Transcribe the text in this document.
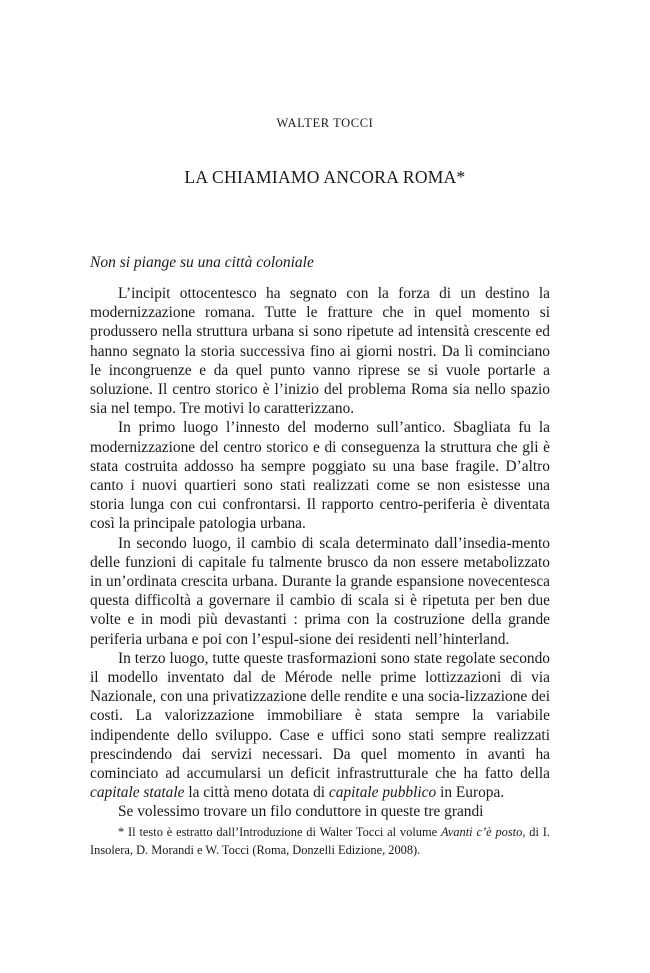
WALTER TOCCI
LA CHIAMIAMO ANCORA ROMA*
Non si piange su una città coloniale

L’incipit ottocentesco ha segnato con la forza di un destino la modernizzazione romana. Tutte le fratture che in quel momento si produssero nella struttura urbana si sono ripetute ad intensità crescente ed hanno segnato la storia successiva fino ai giorni nostri. Da lì cominciano le incongruenze e da quel punto vanno riprese se si vuole portarle a soluzione. Il centro storico è l’inizio del problema Roma sia nello spazio sia nel tempo. Tre motivi lo caratterizzano.

In primo luogo l’innesto del moderno sull’antico. Sbagliata fu la modernizzazione del centro storico e di conseguenza la struttura che gli è stata costruita addosso ha sempre poggiato su una base fragile. D’altro canto i nuovi quartieri sono stati realizzati come se non esistesse una storia lunga con cui confrontarsi. Il rapporto centro-periferia è diventata così la principale patologia urbana.

In secondo luogo, il cambio di scala determinato dall’insedia-mento delle funzioni di capitale fu talmente brusco da non essere metabolizzato in un’ordinata crescita urbana. Durante la grande espansione novecentesca questa difficoltà a governare il cambio di scala si è ripetuta per ben due volte e in modi più devastanti : prima con la costruzione della grande periferia urbana e poi con l’espul-sione dei residenti nell’hinterland.

In terzo luogo, tutte queste trasformazioni sono state regolate secondo il modello inventato dal de Mérode nelle prime lottizzazioni di via Nazionale, con una privatizzazione delle rendite e una socia-lizzazione dei costi. La valorizzazione immobiliare è stata sempre la variabile indipendente dello sviluppo. Case e uffici sono stati sempre realizzati prescindendo dai servizi necessari. Da quel momento in avanti ha cominciato ad accumularsi un deficit infrastrutturale che ha fatto della capitale statale la città meno dotata di capitale pubblico in Europa.

Se volessimo trovare un filo conduttore in queste tre grandi

* Il testo è estratto dall’Introduzione di Walter Tocci al volume Avanti c’è posto, di I. Insolera, D. Morandi e W. Tocci (Roma, Donzelli Edizione, 2008).
